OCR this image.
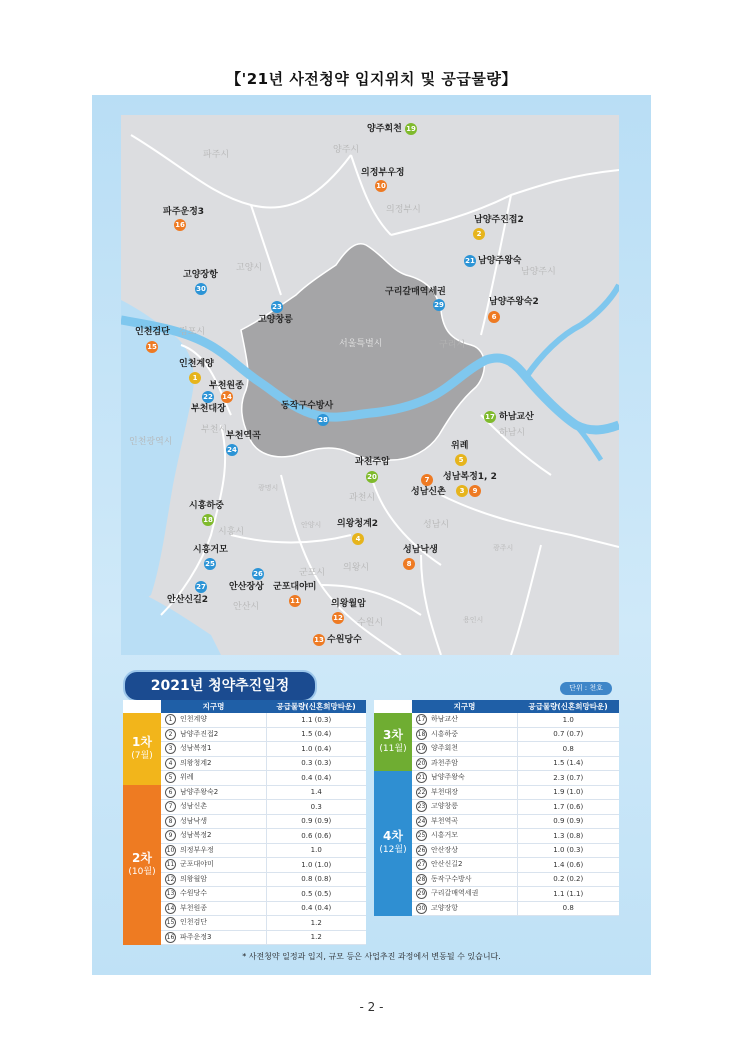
【'21년 사전청약 입지위치 및 공급물량】
파주시	양주시
의정부시
고양시	남양주시
김포시
서울특별시	구리시
하남시
부천시
인천광역시
광명시
과천시
성남시
시흥시
안양시
의왕시
군포시
안산시
수원시
광주시
용인시
양주회천 19
의정부우정
10
파주운정3
16	남양주진접2
2
21 남양주왕숙
고양장항
30	구리갈매역세권
29	남양주왕숙2
6
23
고양창릉
인천검단
15
인천계양
1
부천원종
22 14
부천대장	동작구수방사
28	17 하남교산
부천역곡
24	위례
5
과천주암
20	성남복정1, 2
3	9
7
성남신촌
시흥하중
18	의왕청계2
4
성남낙생
8
시흥거모
25
26
안산장상
27
안산신길2
군포대야미
11	의왕월암
12
13 수원당수
2021년 청약추진일정	단위 : 천호
	지구명	공급물량(신혼희망타운)

1차
(7월)	1 인천계양	1.1 (0.3)
	2 남양주진접2	1.5 (0.4)
	3 성남복정1	1.0 (0.4)
	4 의왕청계2	0.3 (0.3)
	5 위례	0.4 (0.4)

2차
(10월)	6 남양주왕숙2	1.4
	7 성남신촌	0.3
	8 성남낙생	0.9 (0.9)
	9 성남복정2	0.6 (0.6)
	10 의정부우정	1.0
	11 군포대야미	1.0 (1.0)
	12 의왕월암	0.8 (0.8)
	13 수원당수	0.5 (0.5)
	14 부천원종	0.4 (0.4)
	15 인천검단	1.2
	16 파주운정3	1.2
	지구명	공급물량(신혼희망타운)

3차
(11월)	17 하남교산	1.0
	18 시흥하중	0.7 (0.7)
	19 양주회천	0.8
	20 과천주암	1.5 (1.4)

4차
(12월)	21 남양주왕숙	2.3 (0.7)
	22 부천대장	1.9 (1.0)
	23 고양창릉	1.7 (0.6)
	24 부천역곡	0.9 (0.9)
	25 시흥거모	1.3 (0.8)
	26 안산장상	1.0 (0.3)
	27 안산신길2	1.4 (0.6)
	28 동작구수방사	0.2 (0.2)
	29 구리갈매역세권	1.1 (1.1)
	30 고양장항	0.8
* 사전청약 일정과 입지, 규모 등은 사업추진 과정에서 변동될 수 있습니다.
- 2 -
